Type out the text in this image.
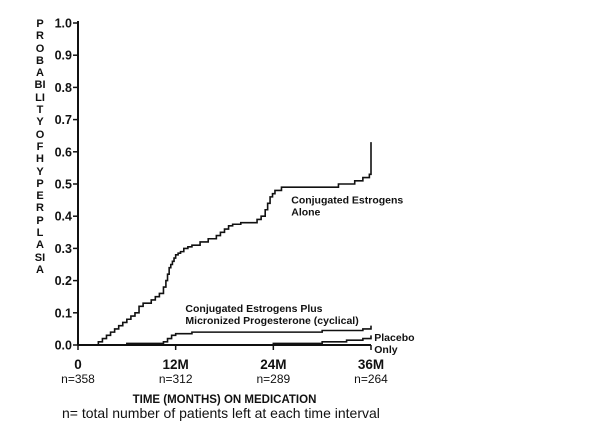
PROBABILITY OF HYPERPLASIA
0.0
0.1
0.2
0.3
0.4
0.5
0.6
0.7
0.8
0.9
1.0
0
n=358
12M
n=312
24M
n=289
36M
n=264
Conjugated Estrogens Alone
Conjugated Estrogens Plus Micronized Progesterone (cyclical)
Placebo Only
TIME (MONTHS) ON MEDICATION
n= total number of patients left at each time interval
